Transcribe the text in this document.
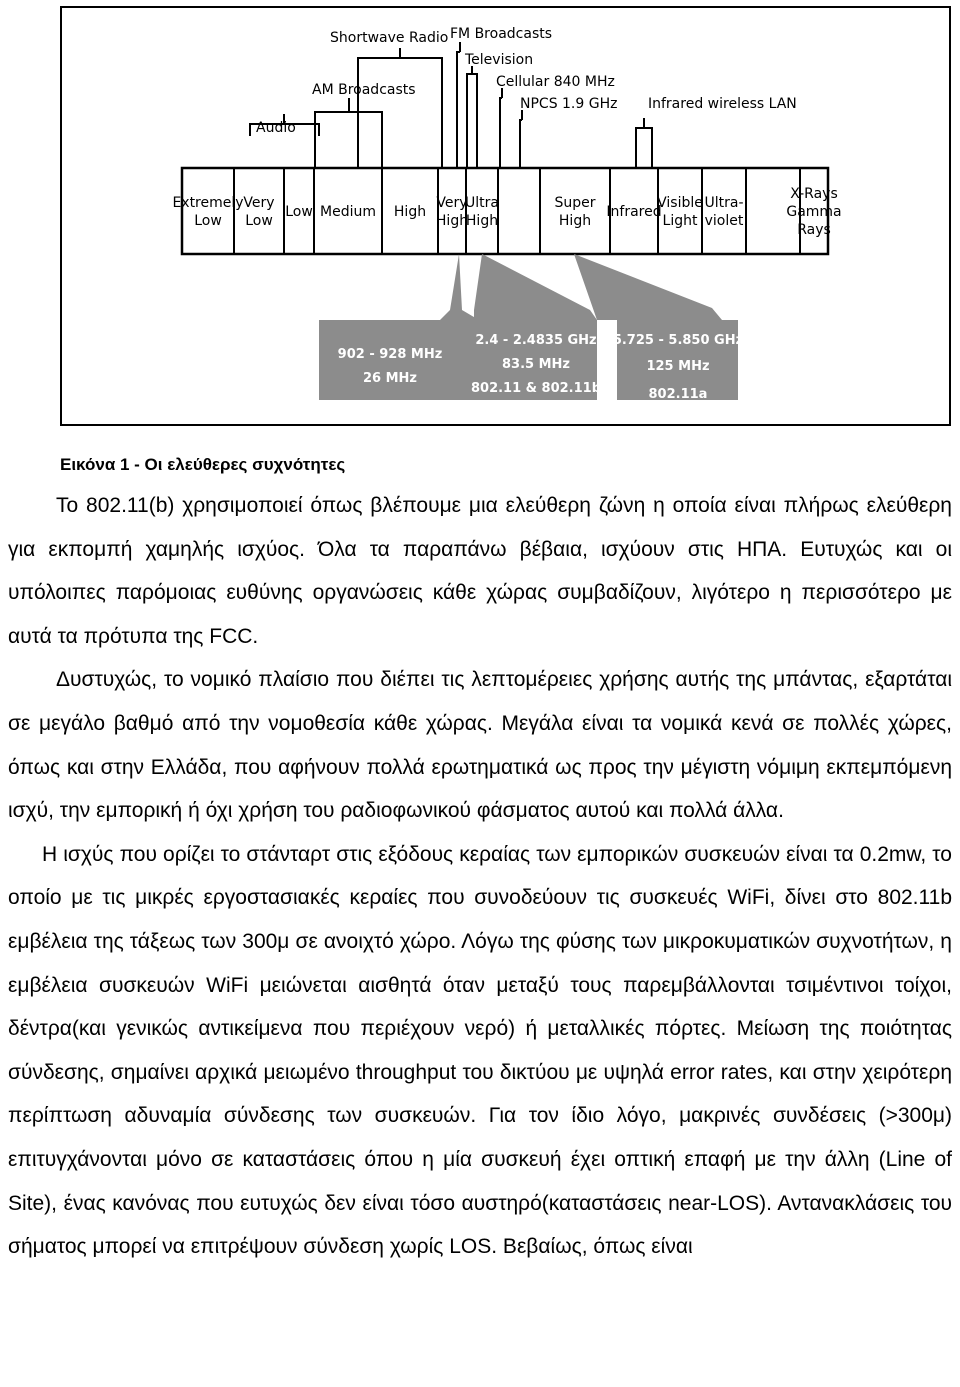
Shortwave Radio FM Broadcasts
Television
AM Broadcasts	Cellular 840 MHz
NPCS 1.9 GHz Infrared wireless LAN
Audio
Extremely Low
Very Low
Low Medium High
Very High
Ultra High
Super High
Infrared
Visible Light
Ultra-violet
X-Rays Gamma Rays
902 - 928 MHz
26 MHz
2.4 - 2.4835 GHz
83.5 MHz
802.11 & 802.11b
5.725 - 5.850 GHz
125 MHz
802.11a
Εικόνα 1 - Οι ελεύθερες συχνότητες

Το 802.11(b) χρησιμοποιεί όπως βλέπουμε μια ελεύθερη ζώνη η οποία είναι πλήρως ελεύθερη για εκπομπή χαμηλής ισχύος. Όλα τα παραπάνω βέβαια, ισχύουν στις ΗΠΑ. Ευτυχώς και οι υπόλοιπες παρόμοιας ευθύνης οργανώσεις κάθε χώρας συμβαδίζουν, λιγότερο η περισσότερο με αυτά τα πρότυπα της FCC.

Δυστυχώς, το νομικό πλαίσιο που διέπει τις λεπτομέρειες χρήσης αυτής της μπάντας, εξαρτάται σε μεγάλο βαθμό από την νομοθεσία κάθε χώρας. Μεγάλα είναι τα νομικά κενά σε πολλές χώρες, όπως και στην Ελλάδα, που αφήνουν πολλά ερωτηματικά ως προς την μέγιστη νόμιμη εκπεμπόμενη ισχύ, την εμπορική ή όχι χρήση του ραδιοφωνικού φάσματος αυτού και πολλά άλλα.

Η ισχύς που ορίζει το στάνταρτ στις εξόδους κεραίας των εμπορικών συσκευών είναι τα 0.2mw, το οποίο με τις μικρές εργοστασιακές κεραίες που συνοδεύουν τις συσκευές WiFi, δίνει στο 802.11b εμβέλεια της τάξεως των 300μ σε ανοιχτό χώρο. Λόγω της φύσης των μικροκυματικών συχνοτήτων, η εμβέλεια συσκευών WiFi μειώνεται αισθητά όταν μεταξύ τους παρεμβάλλονται τσιμέντινοι τοίχοι, δέντρα(και γενικώς αντικείμενα που περιέχουν νερό) ή μεταλλικές πόρτες. Μείωση της ποιότητας σύνδεσης, σημαίνει αρχικά μειωμένο throughput του δικτύου με υψηλά error rates, και στην χειρότερη περίπτωση αδυναμία σύνδεσης των συσκευών. Για τον ίδιο λόγο, μακρινές συνδέσεις (>300μ) επιτυγχάνονται μόνο σε καταστάσεις όπου η μία συσκευή έχει οπτική επαφή με την άλλη (Line of Site), ένας κανόνας που ευτυχώς δεν είναι τόσο αυστηρό(καταστάσεις near-LOS). Αντανακλάσεις του σήματος μπορεί να επιτρέψουν σύνδεση χωρίς LOS. Βεβαίως, όπως είναι
